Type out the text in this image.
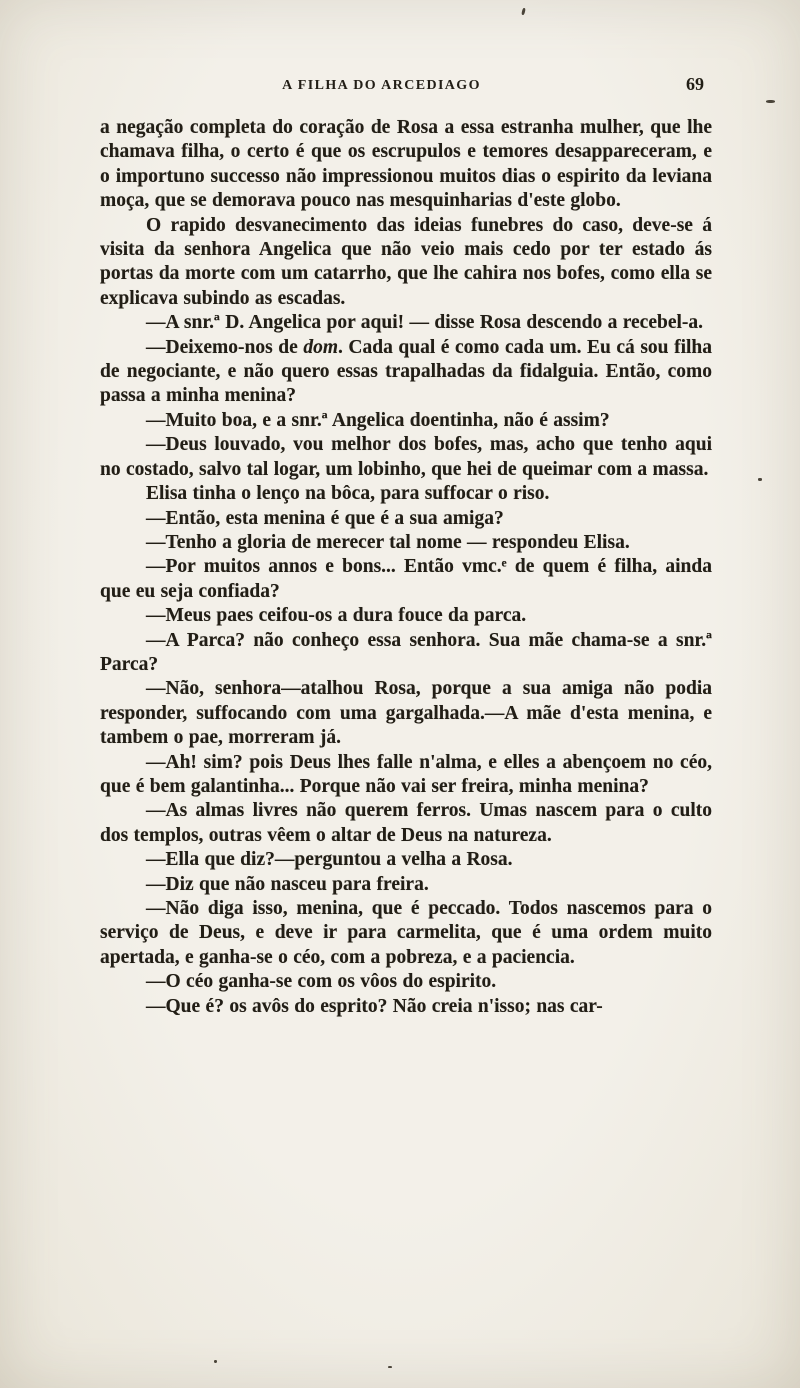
A FILHA DO ARCEDIAGO	69

a negação completa do coração de Rosa a essa estranha mulher, que lhe chamava filha, o certo é que os escrupulos e temores desappareceram, e o importuno successo não impressionou muitos dias o espirito da leviana moça, que se demorava pouco nas mesquinharias d'este globo.

O rapido desvanecimento das ideias funebres do caso, deve-se á visita da senhora Angelica que não veio mais cedo por ter estado ás portas da morte com um catarrho, que lhe cahira nos bofes, como ella se explicava subindo as escadas.

—A snr.ª D. Angelica por aqui! — disse Rosa descendo a recebel-a.

—Deixemo-nos de dom. Cada qual é como cada um. Eu cá sou filha de negociante, e não quero essas trapalhadas da fidalguia. Então, como passa a minha menina?

—Muito boa, e a snr.ª Angelica doentinha, não é assim?

—Deus louvado, vou melhor dos bofes, mas, acho que tenho aqui no costado, salvo tal logar, um lobinho, que hei de queimar com a massa.

Elisa tinha o lenço na bôca, para suffocar o riso.

—Então, esta menina é que é a sua amiga?

—Tenho a gloria de merecer tal nome — respondeu Elisa.

—Por muitos annos e bons... Então vmc.ᵉ de quem é filha, ainda que eu seja confiada?

—Meus paes ceifou-os a dura fouce da parca.

—A Parca? não conheço essa senhora. Sua mãe chama-se a snr.ª Parca?

—Não, senhora—atalhou Rosa, porque a sua amiga não podia responder, suffocando com uma gargalhada.—A mãe d'esta menina, e tambem o pae, morreram já.

—Ah! sim? pois Deus lhes falle n'alma, e elles a abençoem no céo, que é bem galantinha... Porque não vai ser freira, minha menina?

—As almas livres não querem ferros. Umas nascem para o culto dos templos, outras vêem o altar de Deus na natureza.

—Ella que diz?—perguntou a velha a Rosa.

—Diz que não nasceu para freira.

—Não diga isso, menina, que é peccado. Todos nascemos para o serviço de Deus, e deve ir para carmelita, que é uma ordem muito apertada, e ganha-se o céo, com a pobreza, e a paciencia.

—O céo ganha-se com os vôos do espirito.

—Que é? os avôs do esprito? Não creia n'isso; nas car-
